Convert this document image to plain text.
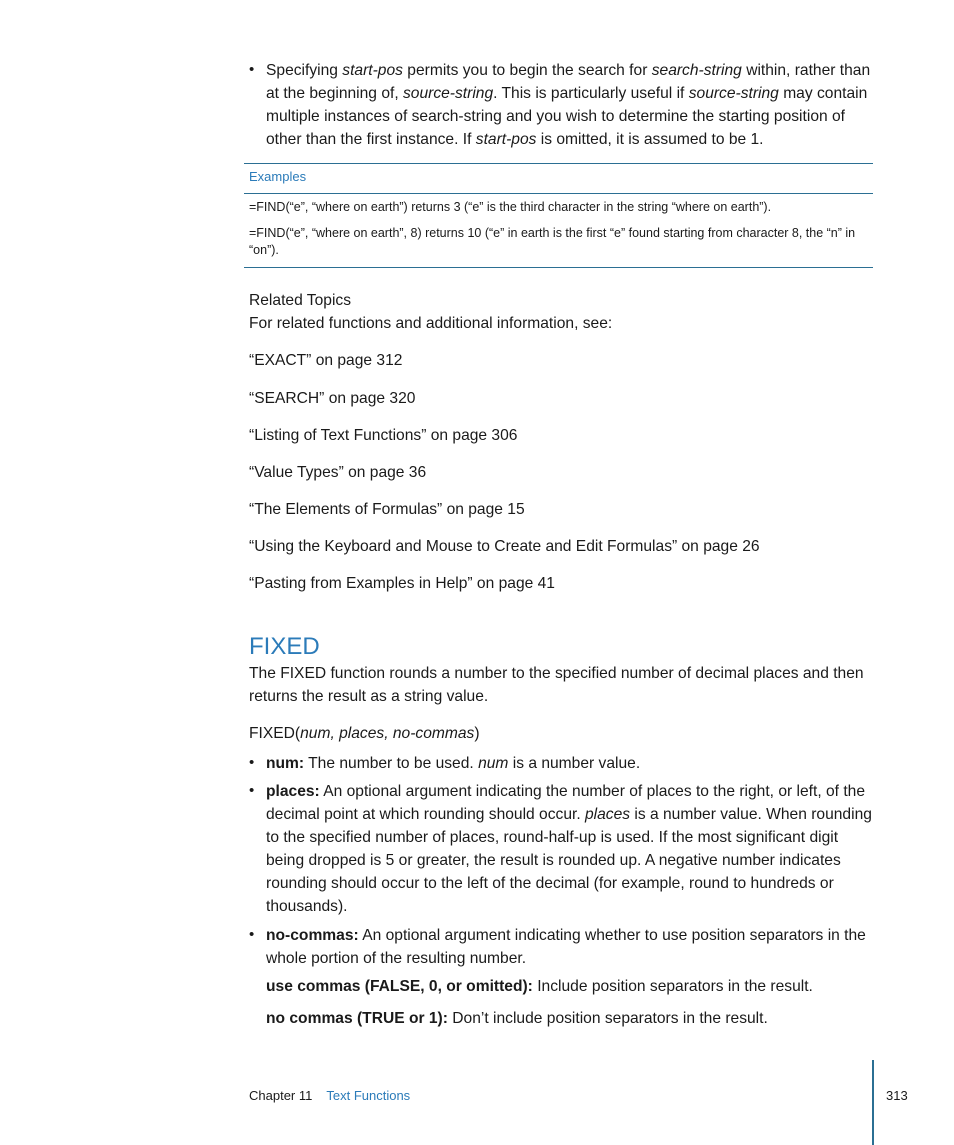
• Specifying start-pos permits you to begin the search for search-string within, rather than at the beginning of, source-string. This is particularly useful if source-string may contain multiple instances of search-string and you wish to determine the starting position of other than the first instance. If start-pos is omitted, it is assumed to be 1.
Examples
=FIND(“e”, “where on earth”) returns 3 (“e” is the third character in the string “where on earth”).
=FIND(“e”, “where on earth”, 8) returns 10 (“e” in earth is the first “e” found starting from character 8, the “n” in “on”).
Related Topics
For related functions and additional information, see:
“EXACT” on page 312
“SEARCH” on page 320
“Listing of Text Functions” on page 306
“Value Types” on page 36
“The Elements of Formulas” on page 15
“Using the Keyboard and Mouse to Create and Edit Formulas” on page 26
“Pasting from Examples in Help” on page 41
FIXED
The FIXED function rounds a number to the specified number of decimal places and then returns the result as a string value.
FIXED(num, places, no-commas)
• num: The number to be used. num is a number value.
• places: An optional argument indicating the number of places to the right, or left, of the decimal point at which rounding should occur. places is a number value. When rounding to the specified number of places, round-half-up is used. If the most significant digit being dropped is 5 or greater, the result is rounded up. A negative number indicates rounding should occur to the left of the decimal (for example, round to hundreds or thousands).
• no-commas: An optional argument indicating whether to use position separators in the whole portion of the resulting number.
use commas (FALSE, 0, or omitted): Include position separators in the result.
no commas (TRUE or 1): Don’t include position separators in the result.
Chapter 11 Text Functions	313
